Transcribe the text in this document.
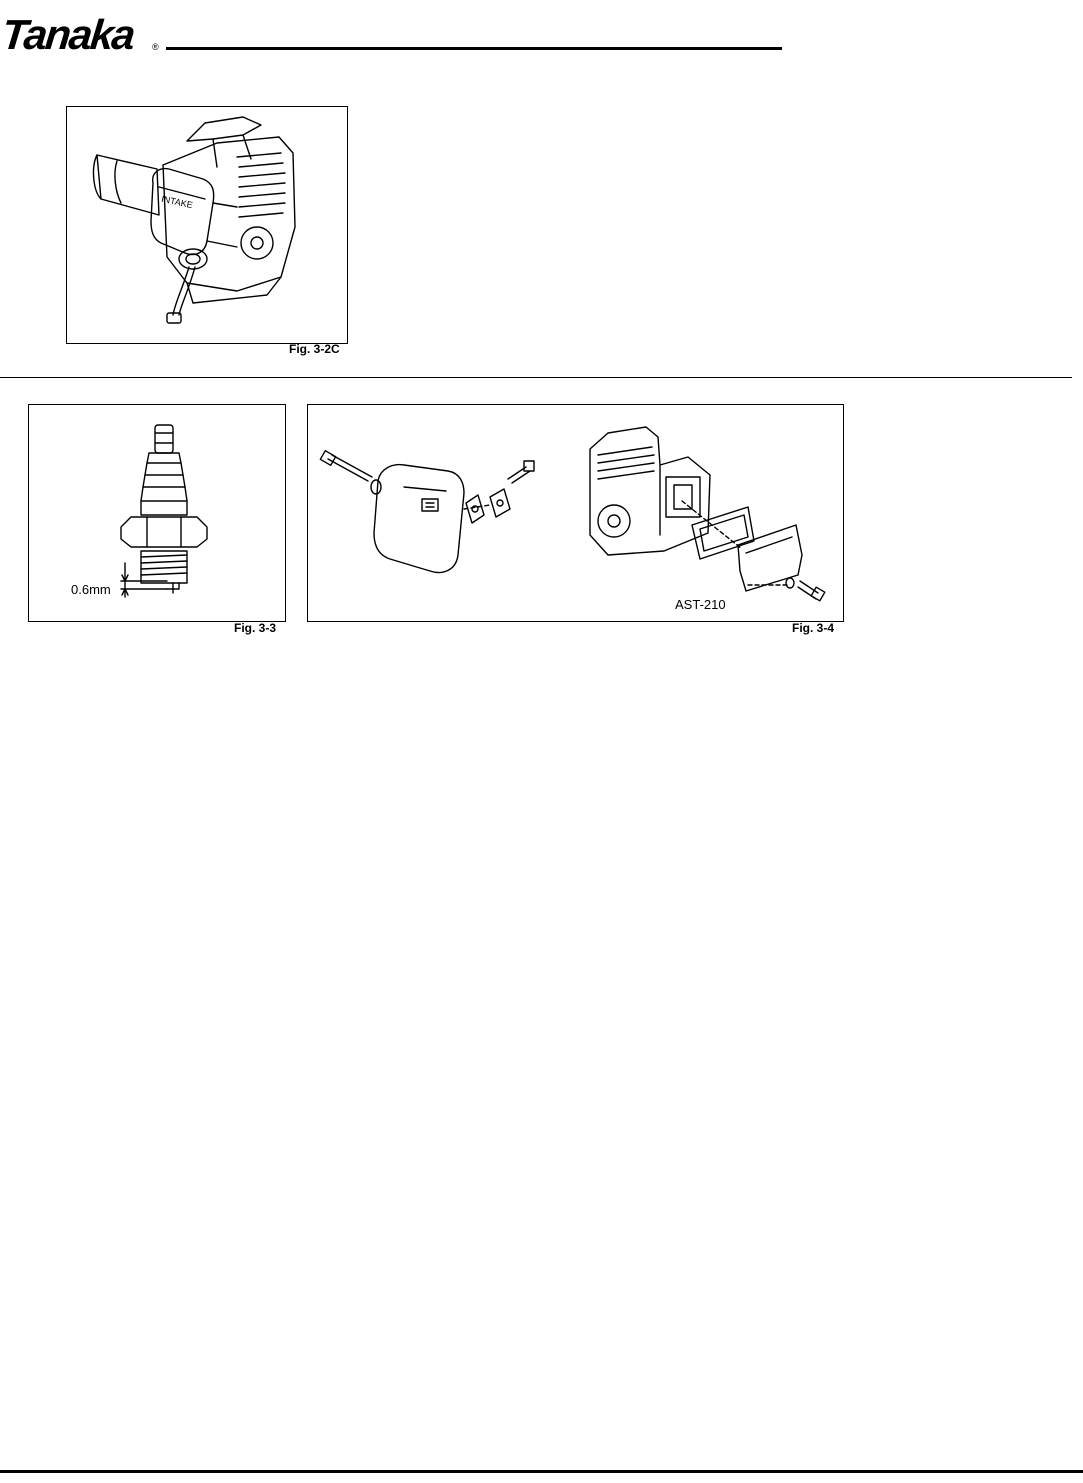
Tanaka ®
INTAKE
Fig. 3-2C
0.6mm
Fig. 3-3
AST-210
Fig. 3-4
